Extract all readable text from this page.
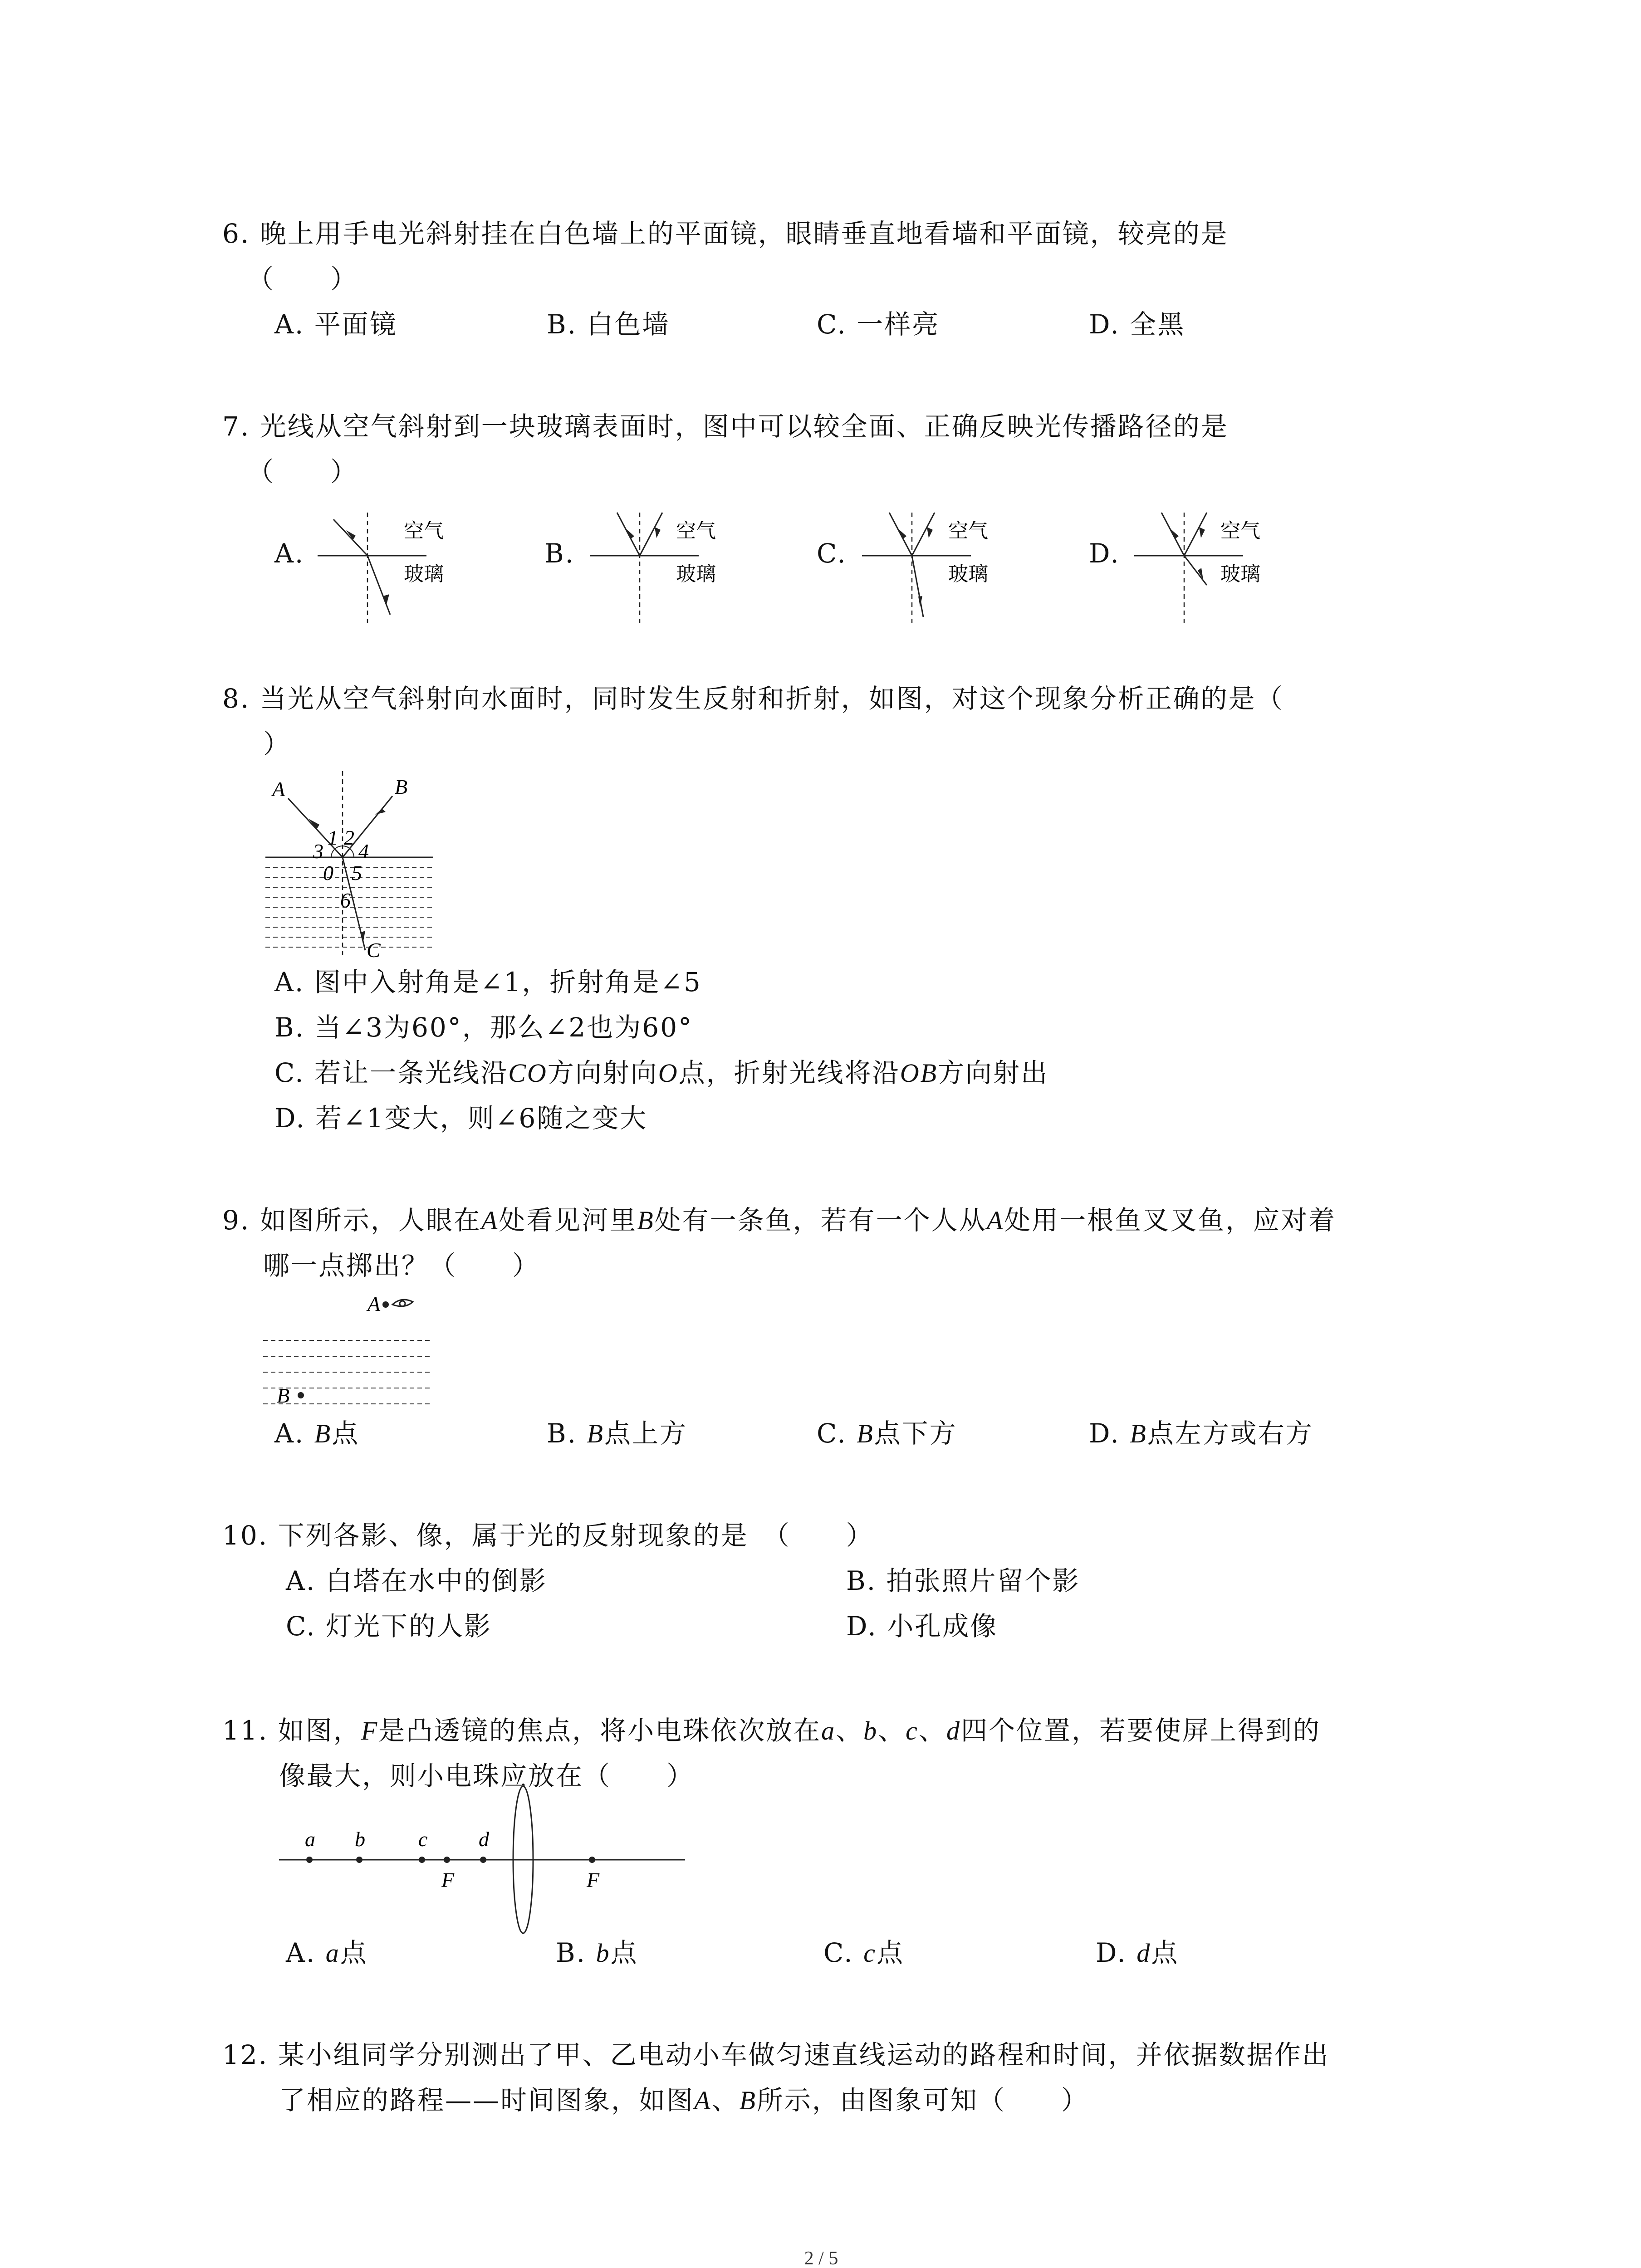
6. 晚上用手电光斜射挂在白色墙上的平面镜，眼睛垂直地看墙和平面镜，较亮的是
（　　）
A. 平面镜	B. 白色墙	C. 一样亮	D. 全黑
7. 光线从空气斜射到一块玻璃表面时，图中可以较全面、正确反映光传播路径的是
（　　）
A.
空气
玻璃
B.
空气
玻璃
C.
空气
玻璃
D.
空气
玻璃
8. 当光从空气斜射向水面时，同时发生反射和折射，如图，对这个现象分析正确的是（
）
A	B
C
1 2
3 4
0 5
6
A. 图中入射角是∠1，折射角是∠5
B. 当∠3为60°，那么∠2也为60°
C. 若让一条光线沿CO方向射向O点，折射光线将沿OB方向射出
D. 若∠1变大，则∠6随之变大
9. 如图所示，人眼在A处看见河里B处有一条鱼，若有一个人从A处用一根鱼叉叉鱼，应对着
哪一点掷出？（　　）
A
B
A. B点	B. B点上方	C. B点下方	D. B点左方或右方
10. 下列各影、像，属于光的反射现象的是　（　　）
A. 白塔在水中的倒影	B. 拍张照片留个影
C. 灯光下的人影	D. 小孔成像
11. 如图，F是凸透镜的焦点，将小电珠依次放在a、b、c、d四个位置，若要使屏上得到的
像最大，则小电珠应放在（　　）
a b	c d
F	F
A. a点	B. b点	C. c点	D. d点
12. 某小组同学分别测出了甲、乙电动小车做匀速直线运动的路程和时间，并依据数据作出
了相应的路程——时间图象，如图A、B所示，由图象可知（　　）
2 / 5
